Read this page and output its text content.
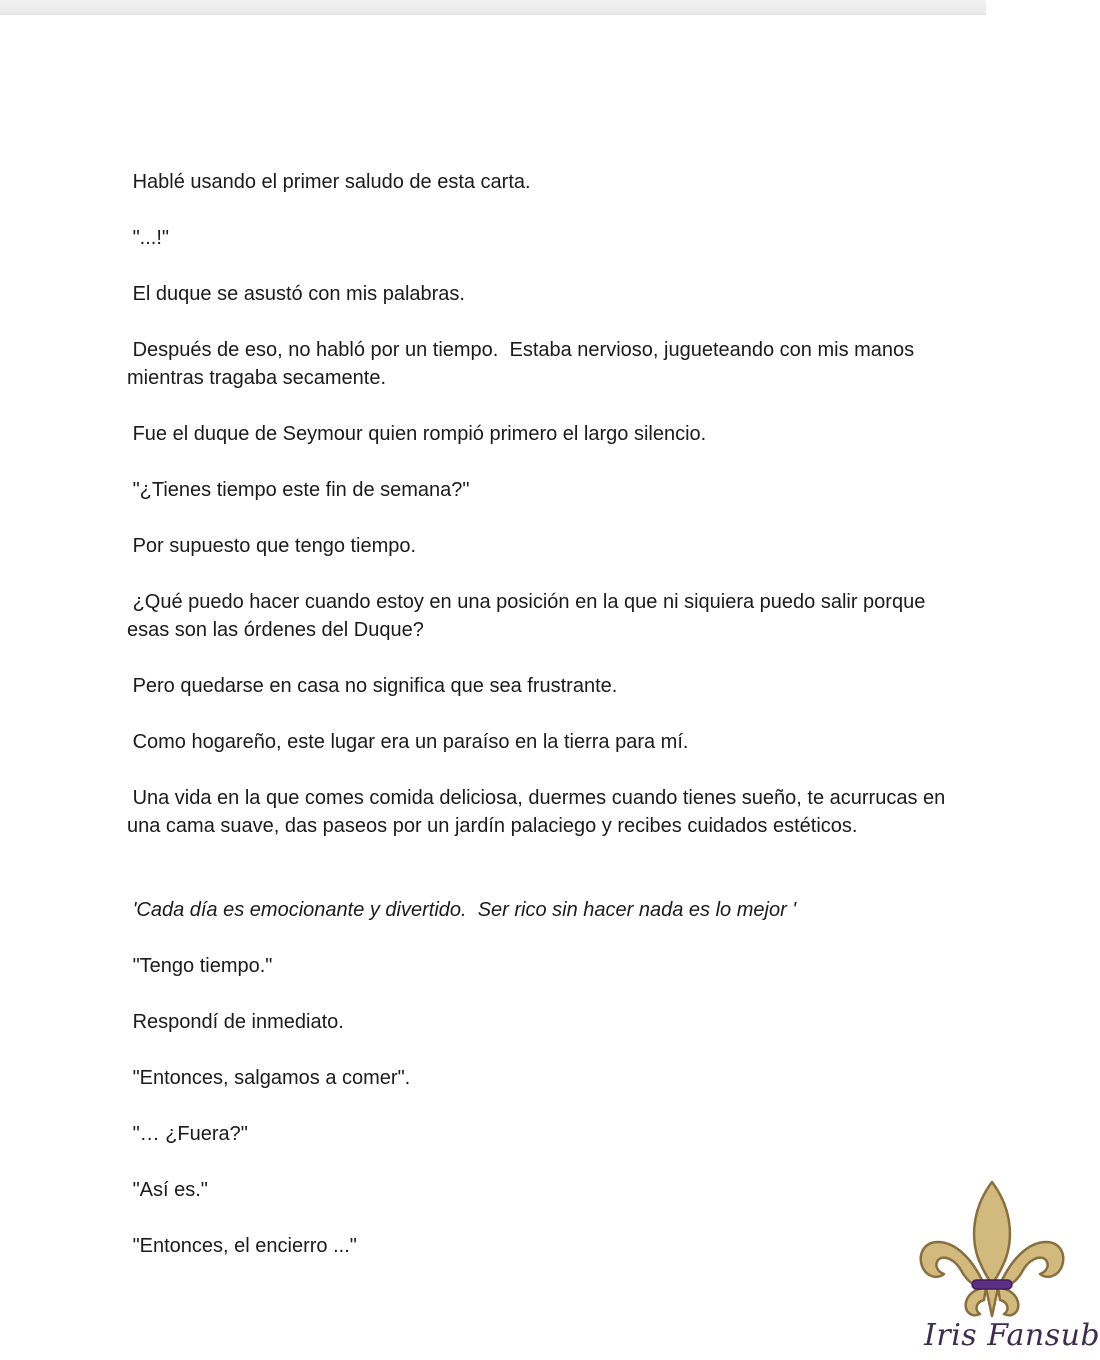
Hablé usando el primer saludo de esta carta.

"...!"

El duque se asustó con mis palabras.

Después de eso, no habló por un tiempo.  Estaba nervioso, jugueteando con mis manos mientras tragaba secamente.

Fue el duque de Seymour quien rompió primero el largo silencio.

"¿Tienes tiempo este fin de semana?"

Por supuesto que tengo tiempo.

¿Qué puedo hacer cuando estoy en una posición en la que ni siquiera puedo salir porque esas son las órdenes del Duque?

Pero quedarse en casa no significa que sea frustrante.

Como hogareño, este lugar era un paraíso en la tierra para mí.

Una vida en la que comes comida deliciosa, duermes cuando tienes sueño, te acurrucas en una cama suave, das paseos por un jardín palaciego y recibes cuidados estéticos.

'Cada día es emocionante y divertido.  Ser rico sin hacer nada es lo mejor '

"Tengo tiempo."

Respondí de inmediato.

"Entonces, salgamos a comer".

"… ¿Fuera?"

"Así es."

"Entonces, el encierro ..."

Iris Fansub
